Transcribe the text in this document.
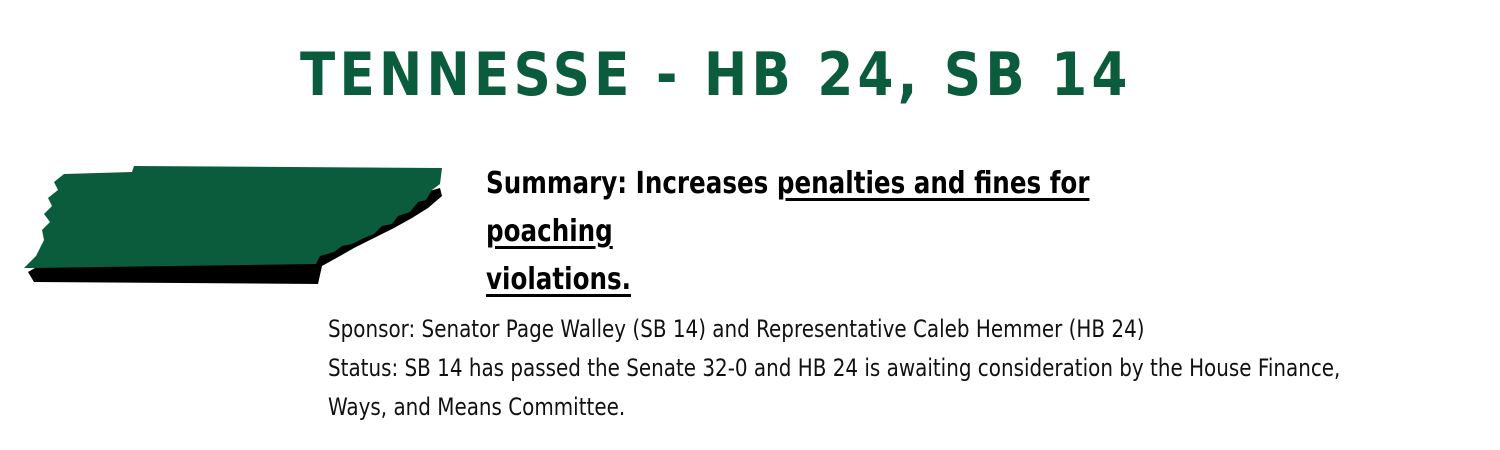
TENNESSE - HB 24, SB 14
Summary: Increases penalties and fines for poaching
violations.
Sponsor: Senator Page Walley (SB 14) and Representative Caleb Hemmer (HB 24)
Status: SB 14 has passed the Senate 32-0 and HB 24 is awaiting consideration by the House Finance,
Ways, and Means Committee.
